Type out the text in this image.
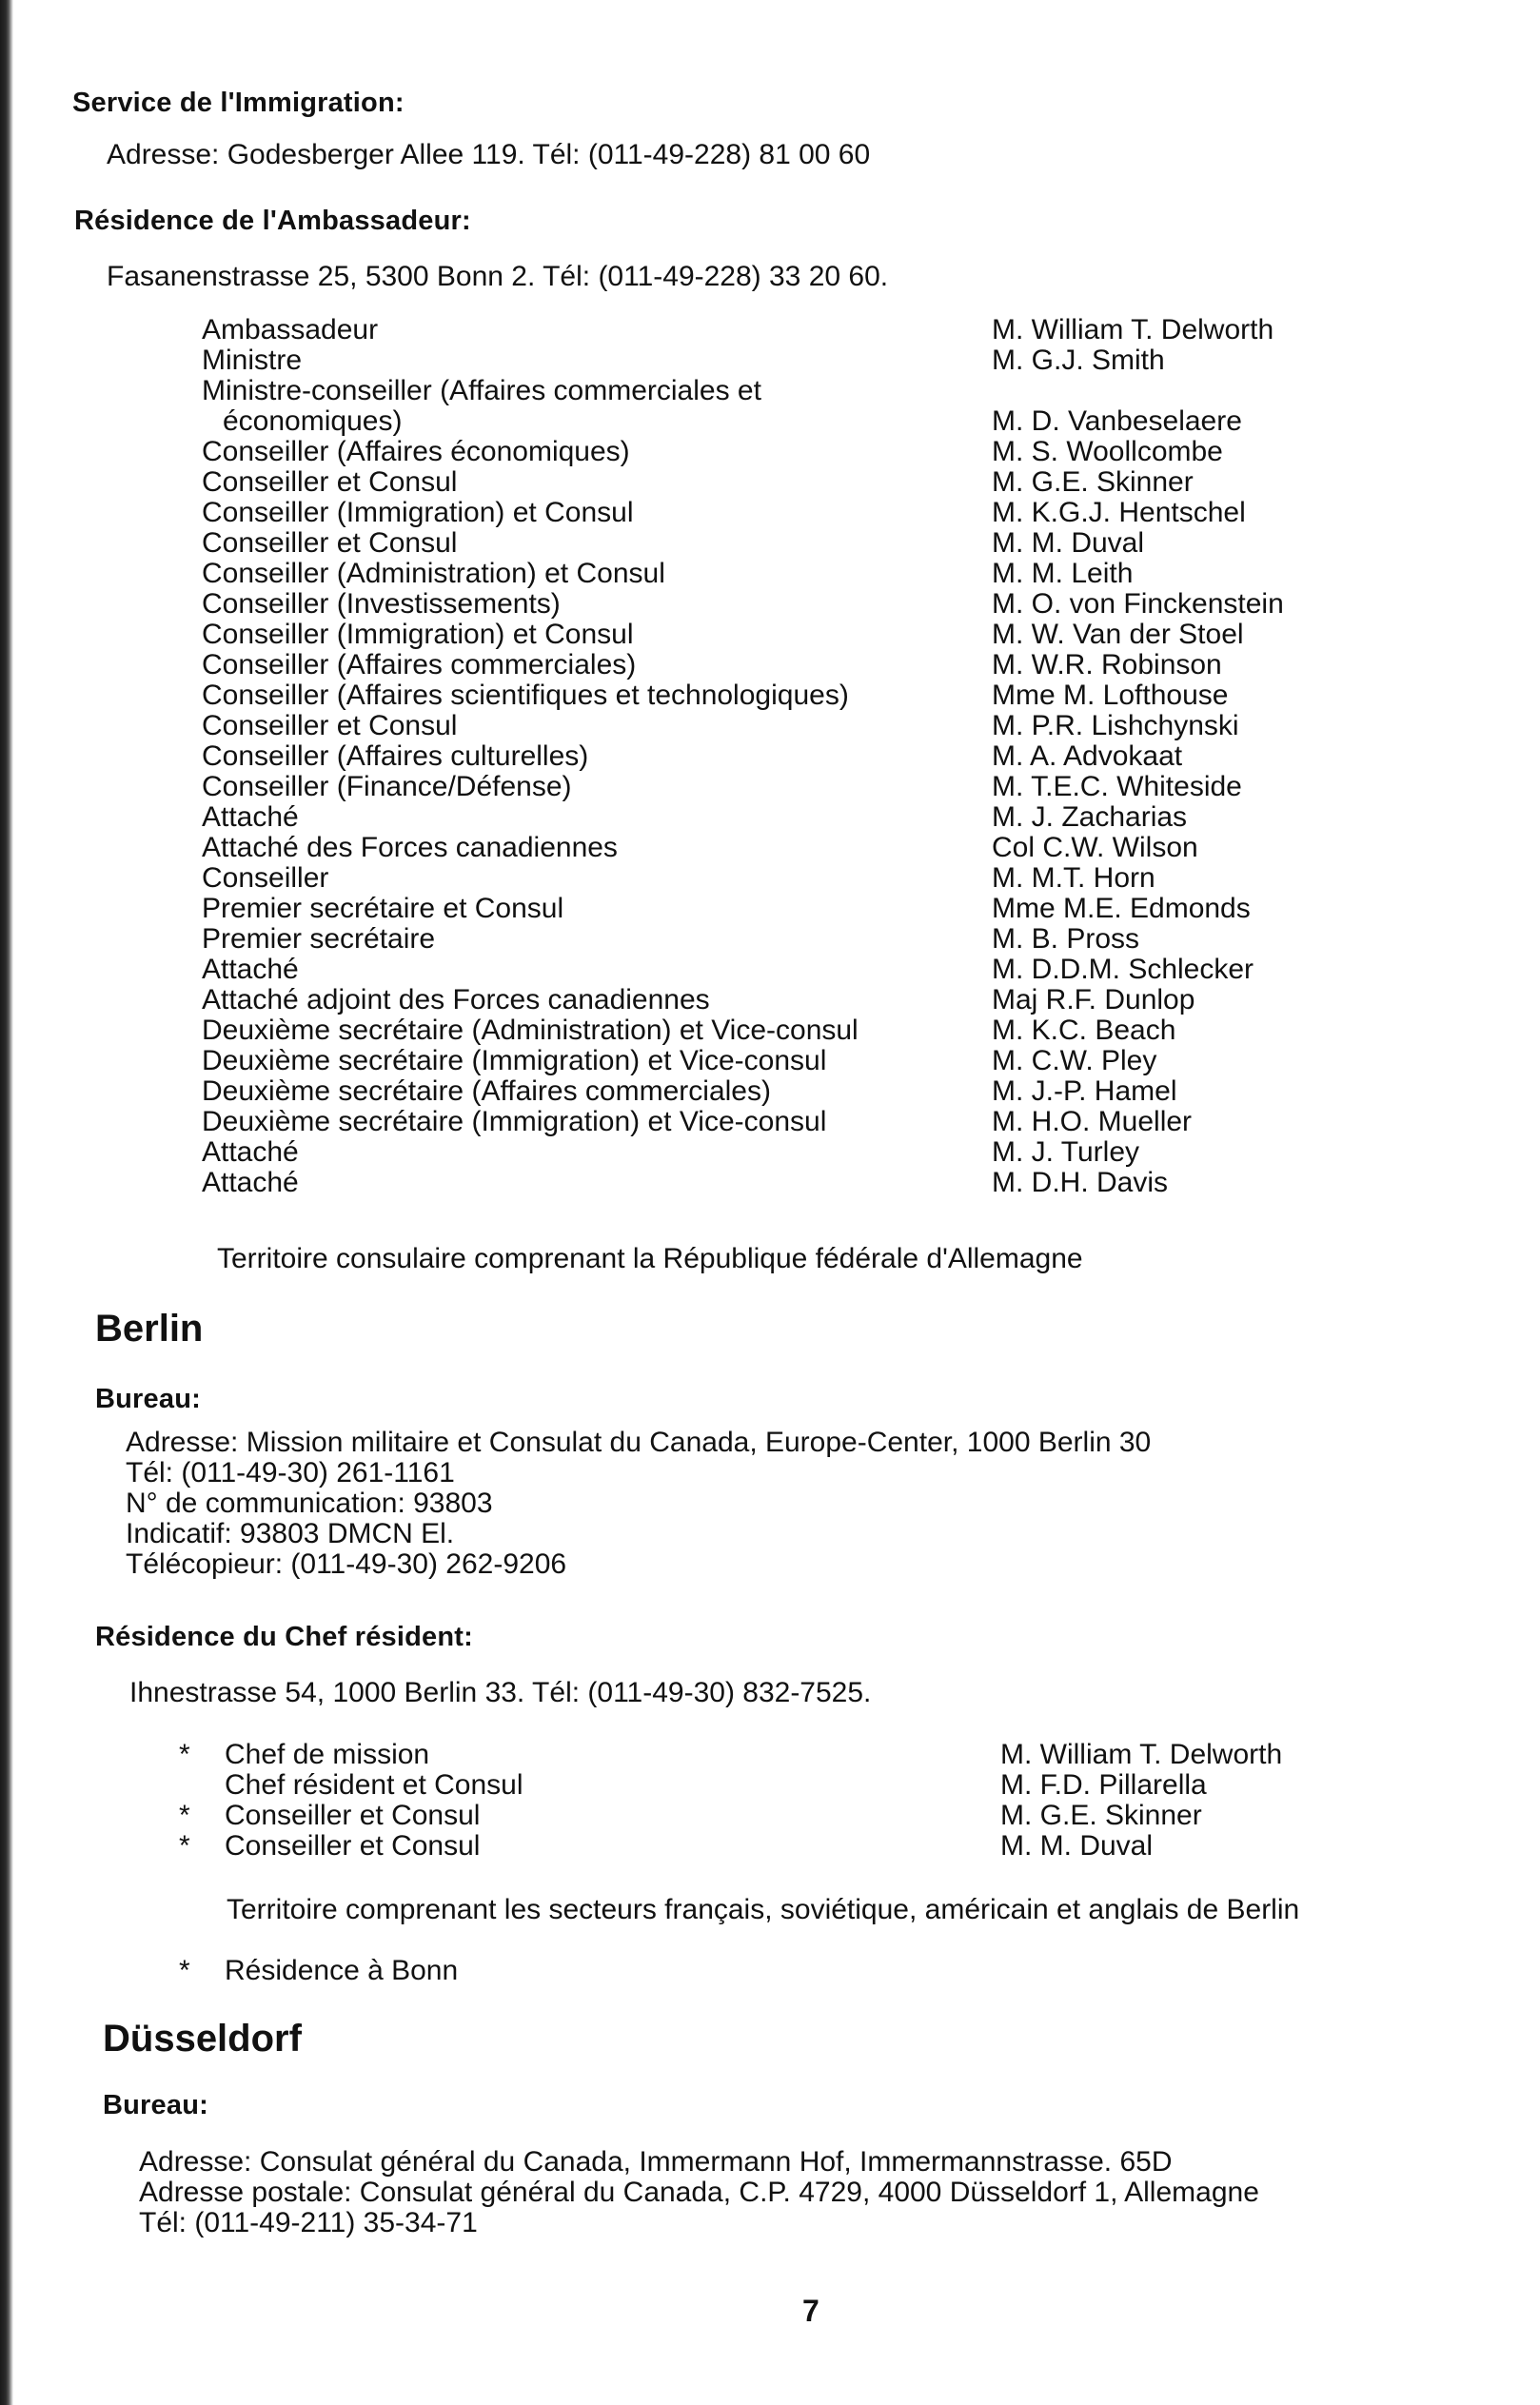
Service de l'Immigration:
Adresse: Godesberger Allee 119. Tél: (011-49-228) 81 00 60
Résidence de l'Ambassadeur:
Fasanenstrasse 25, 5300 Bonn 2. Tél: (011-49-228) 33 20 60.
Ambassadeur	M. William T. Delworth
Ministre	M. G.J. Smith
Ministre-conseiller (Affaires commerciales et
économiques)	M. D. Vanbeselaere
Conseiller (Affaires économiques)	M. S. Woollcombe
Conseiller et Consul	M. G.E. Skinner
Conseiller (Immigration) et Consul	M. K.G.J. Hentschel
Conseiller et Consul	M. M. Duval
Conseiller (Administration) et Consul	M. M. Leith
Conseiller (Investissements)	M. O. von Finckenstein
Conseiller (Immigration) et Consul	M. W. Van der Stoel
Conseiller (Affaires commerciales)	M. W.R. Robinson
Conseiller (Affaires scientifiques et technologiques)	Mme M. Lofthouse
Conseiller et Consul	M. P.R. Lishchynski
Conseiller (Affaires culturelles)	M. A. Advokaat
Conseiller (Finance/Défense)	M. T.E.C. Whiteside
Attaché	M. J. Zacharias
Attaché des Forces canadiennes	Col C.W. Wilson
Conseiller	M. M.T. Horn
Premier secrétaire et Consul	Mme M.E. Edmonds
Premier secrétaire	M. B. Pross
Attaché	M. D.D.M. Schlecker
Attaché adjoint des Forces canadiennes	Maj R.F. Dunlop
Deuxième secrétaire (Administration) et Vice-consul	M. K.C. Beach
Deuxième secrétaire (Immigration) et Vice-consul	M. C.W. Pley
Deuxième secrétaire (Affaires commerciales)	M. J.-P. Hamel
Deuxième secrétaire (Immigration) et Vice-consul	M. H.O. Mueller
Attaché	M. J. Turley
Attaché	M. D.H. Davis
Territoire consulaire comprenant la République fédérale d'Allemagne
Berlin
Bureau:
Adresse: Mission militaire et Consulat du Canada, Europe-Center, 1000 Berlin 30
Tél: (011-49-30) 261-1161
N° de communication: 93803
Indicatif: 93803 DMCN El.
Télécopieur: (011-49-30) 262-9206
Résidence du Chef résident:
Ihnestrasse 54, 1000 Berlin 33. Tél: (011-49-30) 832-7525.
*	Chef de mission	M. William T. Delworth
Chef résident et Consul	M. F.D. Pillarella
*	Conseiller et Consul	M. G.E. Skinner
*	Conseiller et Consul	M. M. Duval
Territoire comprenant les secteurs français, soviétique, américain et anglais de Berlin
* Résidence à Bonn
Düsseldorf
Bureau:
Adresse: Consulat général du Canada, Immermann Hof, Immermannstrasse. 65D
Adresse postale: Consulat général du Canada, C.P. 4729, 4000 Düsseldorf 1, Allemagne
Tél: (011-49-211) 35-34-71
7
